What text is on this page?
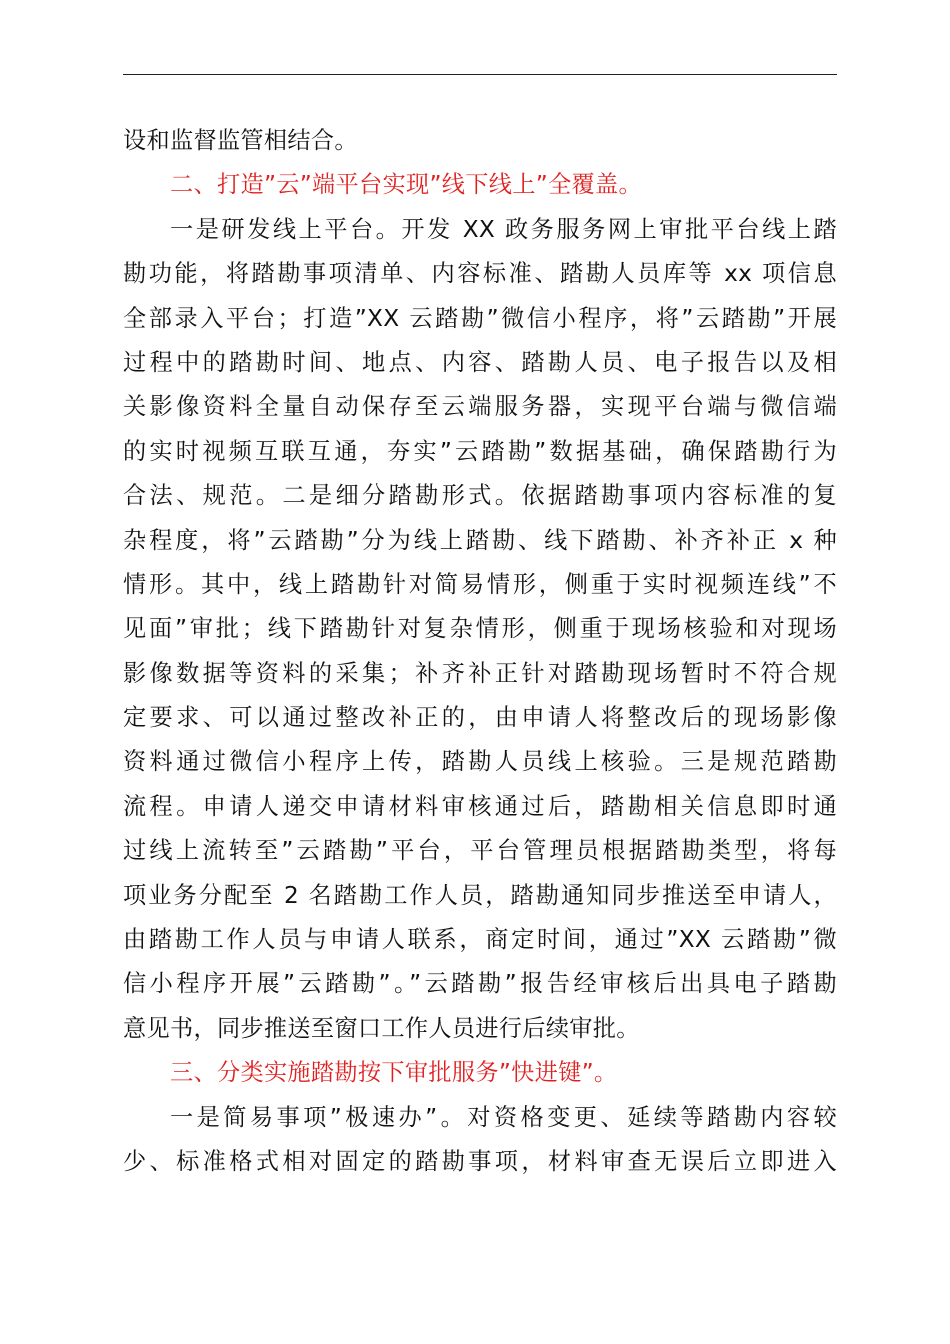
设和监督监管相结合。
二、打造”云”端平台实现”线下线上”全覆盖。
一是研发线上平台。开发 XX 政务服务网上审批平台线上踏
勘功能，将踏勘事项清单、内容标准、踏勘人员库等 xx 项信息
全部录入平台；打造”XX 云踏勘”微信小程序，将”云踏勘”开展
过程中的踏勘时间、地点、内容、踏勘人员、电子报告以及相
关影像资料全量自动保存至云端服务器，实现平台端与微信端
的实时视频互联互通，夯实”云踏勘”数据基础，确保踏勘行为
合法、规范。二是细分踏勘形式。依据踏勘事项内容标准的复
杂程度，将”云踏勘”分为线上踏勘、线下踏勘、补齐补正 x 种
情形。其中，线上踏勘针对简易情形，侧重于实时视频连线”不
见面”审批；线下踏勘针对复杂情形，侧重于现场核验和对现场
影像数据等资料的采集；补齐补正针对踏勘现场暂时不符合规
定要求、可以通过整改补正的，由申请人将整改后的现场影像
资料通过微信小程序上传，踏勘人员线上核验。三是规范踏勘
流程。申请人递交申请材料审核通过后，踏勘相关信息即时通
过线上流转至”云踏勘”平台，平台管理员根据踏勘类型，将每
项业务分配至 2 名踏勘工作人员，踏勘通知同步推送至申请人，
由踏勘工作人员与申请人联系，商定时间，通过”XX 云踏勘”微
信小程序开展”云踏勘”。”云踏勘”报告经审核后出具电子踏勘
意见书，同步推送至窗口工作人员进行后续审批。
三、分类实施踏勘按下审批服务”快进键”。
一是简易事项”极速办”。对资格变更、延续等踏勘内容较
少、标准格式相对固定的踏勘事项，材料审查无误后立即进入
